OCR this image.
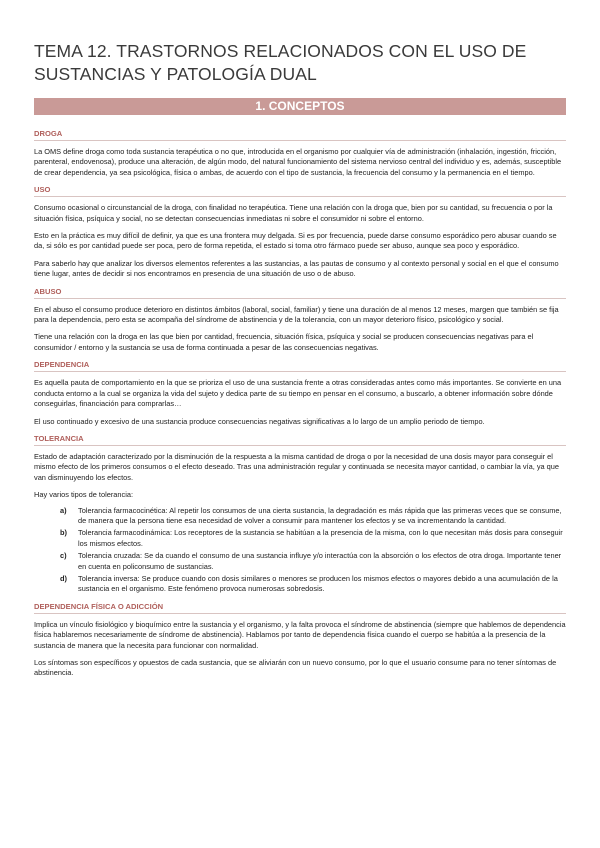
TEMA 12. TRASTORNOS RELACIONADOS CON EL USO DE
SUSTANCIAS Y PATOLOGÍA DUAL
1. CONCEPTOS
DROGA

La OMS define droga como toda sustancia terapéutica o no que, introducida en el organismo por cualquier vía de administración (inhalación, ingestión, fricción, parenteral, endovenosa), produce una alteración, de algún modo, del natural funcionamiento del sistema nervioso central del individuo y es, además, susceptible de crear dependencia, ya sea psicológica, física o ambas, de acuerdo con el tipo de sustancia, la frecuencia del consumo y la permanencia en el tiempo.

USO

Consumo ocasional o circunstancial de la droga, con finalidad no terapéutica. Tiene una relación con la droga que, bien por su cantidad, su frecuencia o por la situación física, psíquica y social, no se detectan consecuencias inmediatas ni sobre el consumidor ni sobre el entorno.

Esto en la práctica es muy difícil de definir, ya que es una frontera muy delgada. Si es por frecuencia, puede darse consumo esporádico pero abusar cuando se da, si sólo es por cantidad puede ser poca, pero de forma repetida, el estado si toma otro fármaco puede ser abuso, aunque sea poco y esporádico.

Para saberlo hay que analizar los diversos elementos referentes a las sustancias, a las pautas de consumo y al contexto personal y social en el que el consumo tiene lugar, antes de decidir si nos encontramos en presencia de una situación de uso o de abuso.

ABUSO

En el abuso el consumo produce deterioro en distintos ámbitos (laboral, social, familiar) y tiene una duración de al menos 12 meses, margen que también se fija para la dependencia, pero esta se acompaña del síndrome de abstinencia y de la tolerancia, con un mayor deterioro físico, psicológico y social.

Tiene una relación con la droga en las que bien por cantidad, frecuencia, situación física, psíquica y social se producen consecuencias negativas para el consumidor / entorno y la sustancia se usa de forma continuada a pesar de las consecuencias negativas.

DEPENDENCIA

Es aquella pauta de comportamiento en la que se prioriza el uso de una sustancia frente a otras consideradas antes como más importantes. Se convierte en una conducta entorno a la cual se organiza la vida del sujeto y dedica parte de su tiempo en pensar en el consumo, a buscarlo, a obtener información sobre dónde conseguirlas, financiación para comprarlas…

El uso continuado y excesivo de una sustancia produce consecuencias negativas significativas a lo largo de un amplio periodo de tiempo.

TOLERANCIA

Estado de adaptación caracterizado por la disminución de la respuesta a la misma cantidad de droga o por la necesidad de una dosis mayor para conseguir el mismo efecto de los primeros consumos o el efecto deseado. Tras una administración regular y continuada se necesita mayor cantidad, o cambiar la vía, ya que van disminuyendo los efectos.

Hay varios tipos de tolerancia:

a) Tolerancia farmacocinética: Al repetir los consumos de una cierta sustancia, la degradación es más rápida que las primeras veces que se consume, de manera que la persona tiene esa necesidad de volver a consumir para mantener los efectos y se va incrementando la cantidad.
b) Tolerancia farmacodinámica: Los receptores de la sustancia se habitúan a la presencia de la misma, con lo que necesitan más dosis para conseguir los mismos efectos.
c) Tolerancia cruzada: Se da cuando el consumo de una sustancia influye y/o interactúa con la absorción o los efectos de otra droga. Importante tener en cuenta en policonsumo de sustancias.
d) Tolerancia inversa: Se produce cuando con dosis similares o menores se producen los mismos efectos o mayores debido a una acumulación de la sustancia en el organismo. Este fenómeno provoca numerosas sobredosis.
DEPENDENCIA FÍSICA O ADICCIÓN

Implica un vínculo fisiológico y bioquímico entre la sustancia y el organismo, y la falta provoca el síndrome de abstinencia (siempre que hablemos de dependencia física hablaremos necesariamente de síndrome de abstinencia). Hablamos por tanto de dependencia física cuando el cuerpo se habitúa a la presencia de la sustancia de manera que la necesita para funcionar con normalidad.

Los síntomas son específicos y opuestos de cada sustancia, que se aliviarán con un nuevo consumo, por lo que el usuario consume para no tener síntomas de abstinencia.
